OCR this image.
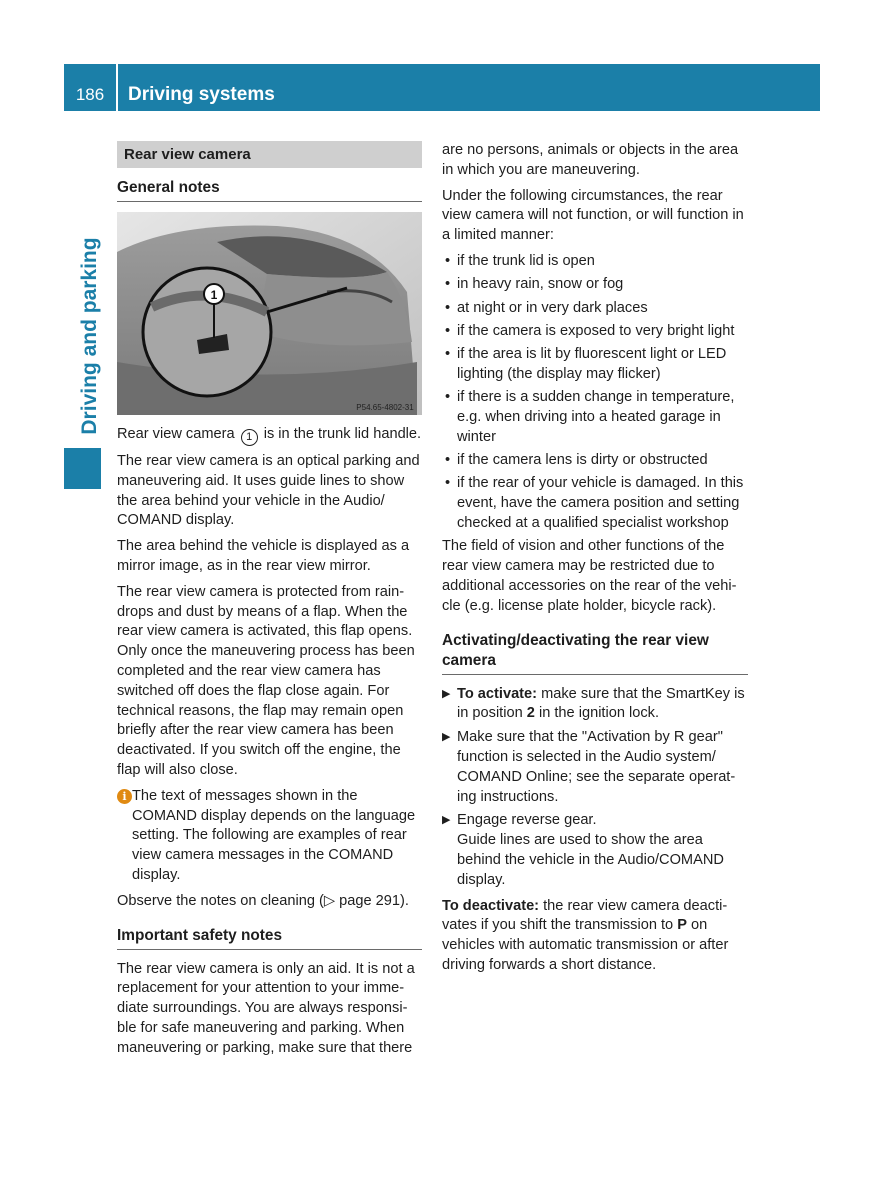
186	Driving systems
Driving and parking
Rear view camera
General notes
1
P54.65-4802-31

Rear view camera 1 is in the trunk lid handle.

The rear view camera is an optical parking and maneuvering aid. It uses guide lines to show the area behind your vehicle in the Audio/ COMAND display.

The area behind the vehicle is displayed as a mirror image, as in the rear view mirror.

The rear view camera is protected from rain-drops and dust by means of a flap. When the rear view camera is activated, this flap opens. Only once the maneuvering process has been completed and the rear view camera has switched off does the flap close again. For technical reasons, the flap may remain open briefly after the rear view camera has been deactivated. If you switch off the engine, the flap will also close.

i The text of messages shown in the COMAND display depends on the language setting. The following are examples of rear view camera messages in the COMAND display.

Observe the notes on cleaning (▷ page 291).

Important safety notes

The rear view camera is only an aid. It is not a replacement for your attention to your imme-diate surroundings. You are always responsi-ble for safe maneuvering and parking. When maneuvering or parking, make sure that there

are no persons, animals or objects in the area in which you are maneuvering.

Under the following circumstances, the rear view camera will not function, or will function in a limited manner:

• if the trunk lid is open
• in heavy rain, snow or fog
• at night or in very dark places
• if the camera is exposed to very bright light
• if the area is lit by fluorescent light or LED lighting (the display may flicker)
• if there is a sudden change in temperature, e.g. when driving into a heated garage in winter
• if the camera lens is dirty or obstructed
• if the rear of your vehicle is damaged. In this event, have the camera position and setting checked at a qualified specialist workshop

The field of vision and other functions of the rear view camera may be restricted due to additional accessories on the rear of the vehi-cle (e.g. license plate holder, bicycle rack).

Activating/deactivating the rear view camera
▶ To activate: make sure that the SmartKey is in position 2 in the ignition lock.
▶ Make sure that the "Activation by R gear" function is selected in the Audio system/ COMAND Online; see the separate operat-ing instructions.
▶ Engage reverse gear.
Guide lines are used to show the area behind the vehicle in the Audio/COMAND display.

To deactivate: the rear view camera deacti-vates if you shift the transmission to P on vehicles with automatic transmission or after driving forwards a short distance.
